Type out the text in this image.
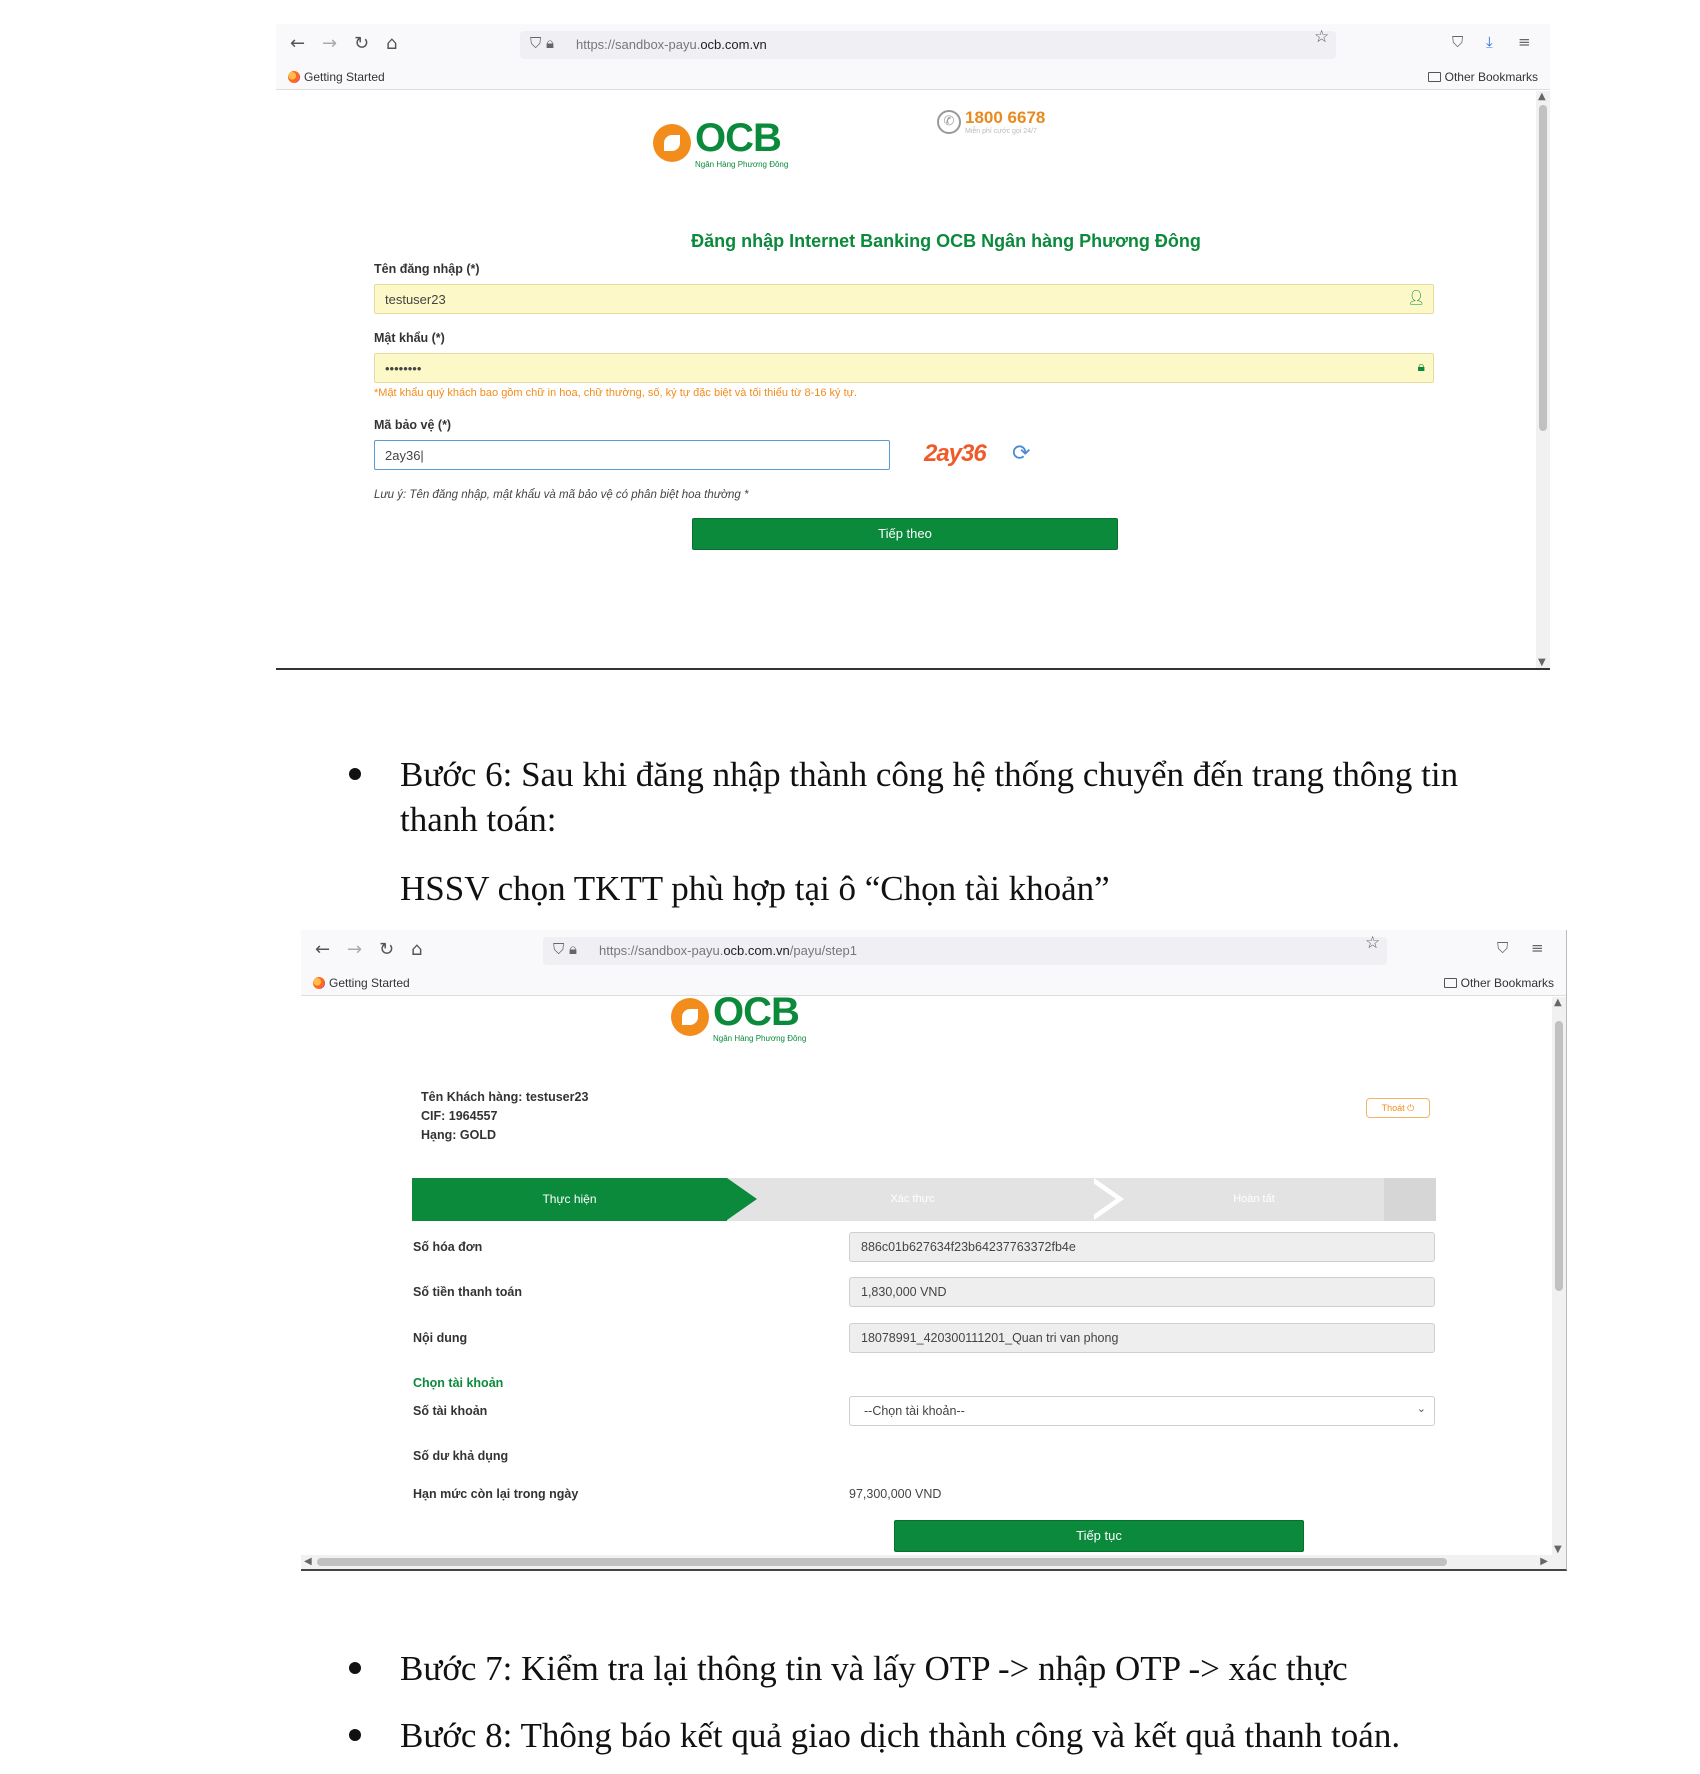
← → ↻ ⌂	⛉ 🔒︎ https://sandbox-payu.ocb.com.vn	☆	⛉ ⤓ ≡
Getting Started	Other Bookmarks
OCB
Ngân Hàng Phương Đông
✆ 1800 6678
Miễn phí cước gọi 24/7
Đăng nhập Internet Banking OCB Ngân hàng Phương Đông
Tên đăng nhập (*)
testuser23	👤︎
Mật khẩu (*)
••••••••	🔒︎
*Mật khẩu quý khách bao gồm chữ in hoa, chữ thường, số, ký tự đặc biệt và tối thiểu từ 8-16 ký tự.
Mã bảo vệ (*)
2ay36|	2ay36 ⟳
Lưu ý: Tên đăng nhập, mật khẩu và mã bảo vệ có phân biệt hoa thường *
Tiếp theo
▲
▼
Bước 6: Sau khi đăng nhập thành công hệ thống chuyển đến trang thông tin
thanh toán:
HSSV chọn TKTT phù hợp tại ô “Chọn tài khoản”
Bước 7: Kiểm tra lại thông tin và lấy OTP -> nhập OTP -> xác thực
Bước 8: Thông báo kết quả giao dịch thành công và kết quả thanh toán.
← → ↻ ⌂	⛉ 🔒︎ https://sandbox-payu.ocb.com.vn/payu/step1	☆	⛉ ≡
Getting Started	Other Bookmarks
OCB
Ngân Hàng Phương Đông
Tên Khách hàng: testuser23
CIF: 1964557
Hạng: GOLD
Thoát ⏻
Thực hiện	Xác thực	Hoàn tất
Số hóa đơn	886c01b627634f23b64237763372fb4e
Số tiền thanh toán	1,830,000 VND
Nội dung	18078991_420300111201_Quan tri van phong
Chọn tài khoản
Số tài khoản	--Chọn tài khoản--	⌄
Số dư khả dụng
Hạn mức còn lại trong ngày	97,300,000 VND
Tiếp tục
▲
▼
◀	▶
